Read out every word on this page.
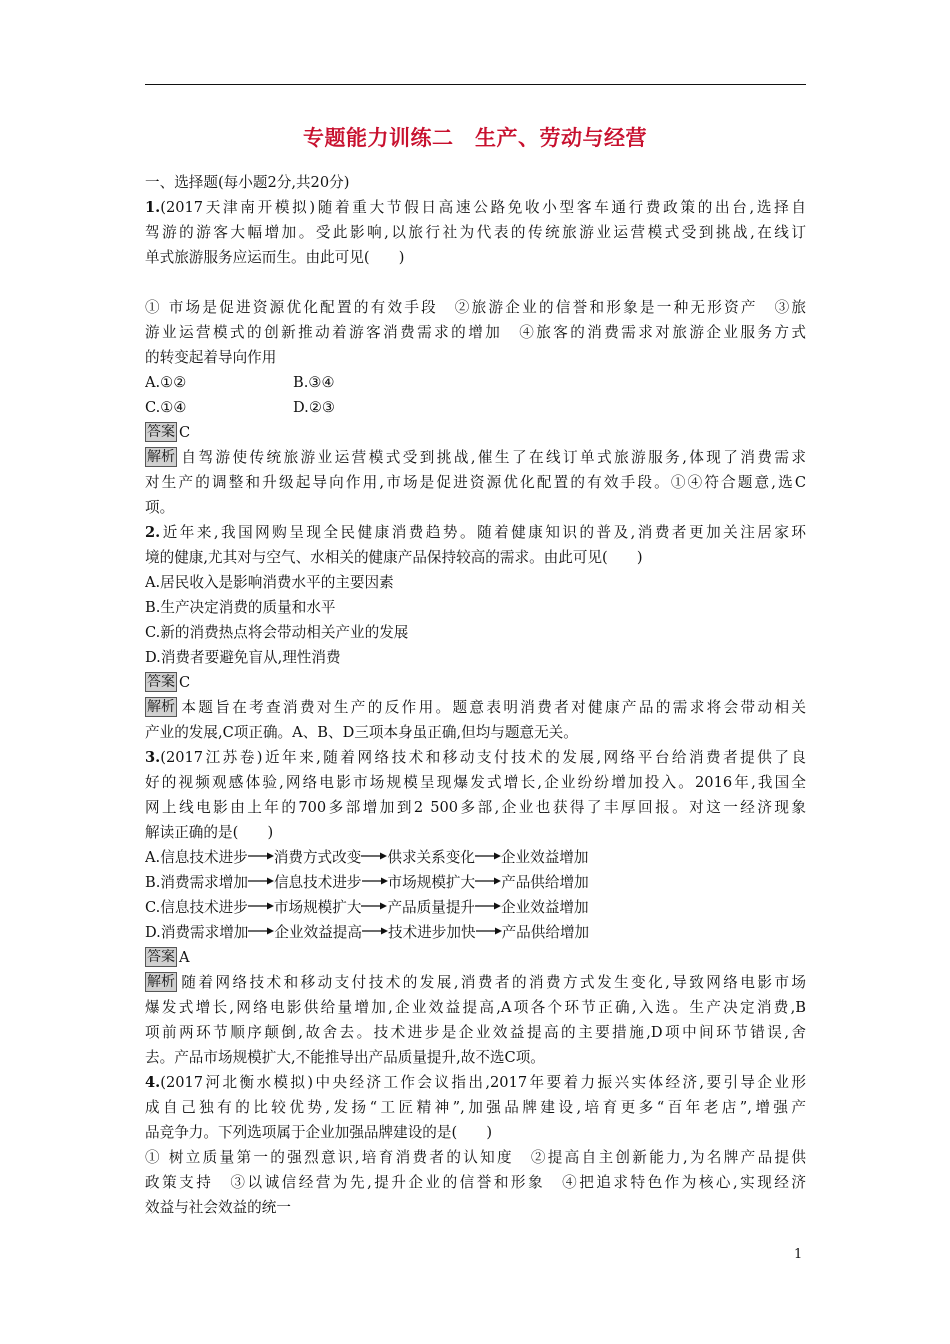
专题能力训练二　生产、劳动与经营
一、选择题(每小题2分,共20分)
1.(2017天津南开模拟)随着重大节假日高速公路免收小型客车通行费政策的出台,选择自
驾游的游客大幅增加。受此影响,以旅行社为代表的传统旅游业运营模式受到挑战,在线订
单式旅游服务应运而生。由此可见(　　)
① 市场是促进资源优化配置的有效手段　②旅游企业的信誉和形象是一种无形资产　③旅
游业运营模式的创新推动着游客消费需求的增加　④旅客的消费需求对旅游企业服务方式
的转变起着导向作用
A.①②	B.③④
C.①④	D.②③
答案 C
解析 自驾游使传统旅游业运营模式受到挑战,催生了在线订单式旅游服务,体现了消费需求
对生产的调整和升级起导向作用,市场是促进资源优化配置的有效手段。①④符合题意,选C
项。
2.近年来,我国网购呈现全民健康消费趋势。随着健康知识的普及,消费者更加关注居家环
境的健康,尤其对与空气、水相关的健康产品保持较高的需求。由此可见(　　)
A.居民收入是影响消费水平的主要因素
B.生产决定消费的质量和水平
C.新的消费热点将会带动相关产业的发展
D.消费者要避免盲从,理性消费
答案 C
解析 本题旨在考查消费对生产的反作用。题意表明消费者对健康产品的需求将会带动相关
产业的发展,C项正确。A、B、D三项本身虽正确,但均与题意无关。
3.(2017江苏卷)近年来,随着网络技术和移动支付技术的发展,网络平台给消费者提供了良
好的视频观感体验,网络电影市场规模呈现爆发式增长,企业纷纷增加投入。2016年,我国全
网上线电影由上年的700多部增加到2 500多部,企业也获得了丰厚回报。对这一经济现象
解读正确的是(　　)
A.信息技术进步 消费方式改变 供求关系变化 企业效益增加
B.消费需求增加 信息技术进步 市场规模扩大 产品供给增加
C.信息技术进步 市场规模扩大 产品质量提升 企业效益增加
D.消费需求增加 企业效益提高 技术进步加快 产品供给增加
答案 A
解析 随着网络技术和移动支付技术的发展,消费者的消费方式发生变化,导致网络电影市场
爆发式增长,网络电影供给量增加,企业效益提高,A项各个环节正确,入选。生产决定消费,B
项前两环节顺序颠倒,故舍去。技术进步是企业效益提高的主要措施,D项中间环节错误,舍
去。产品市场规模扩大,不能推导出产品质量提升,故不选C项。
4.(2017河北衡水模拟)中央经济工作会议指出,2017年要着力振兴实体经济,要引导企业形
成自己独有的比较优势,发扬“工匠精神”,加强品牌建设,培育更多“百年老店”,增强产
品竞争力。下列选项属于企业加强品牌建设的是(　　)
① 树立质量第一的强烈意识,培育消费者的认知度　②提高自主创新能力,为名牌产品提供
政策支持　③以诚信经营为先,提升企业的信誉和形象　④把追求特色作为核心,实现经济
效益与社会效益的统一
1
